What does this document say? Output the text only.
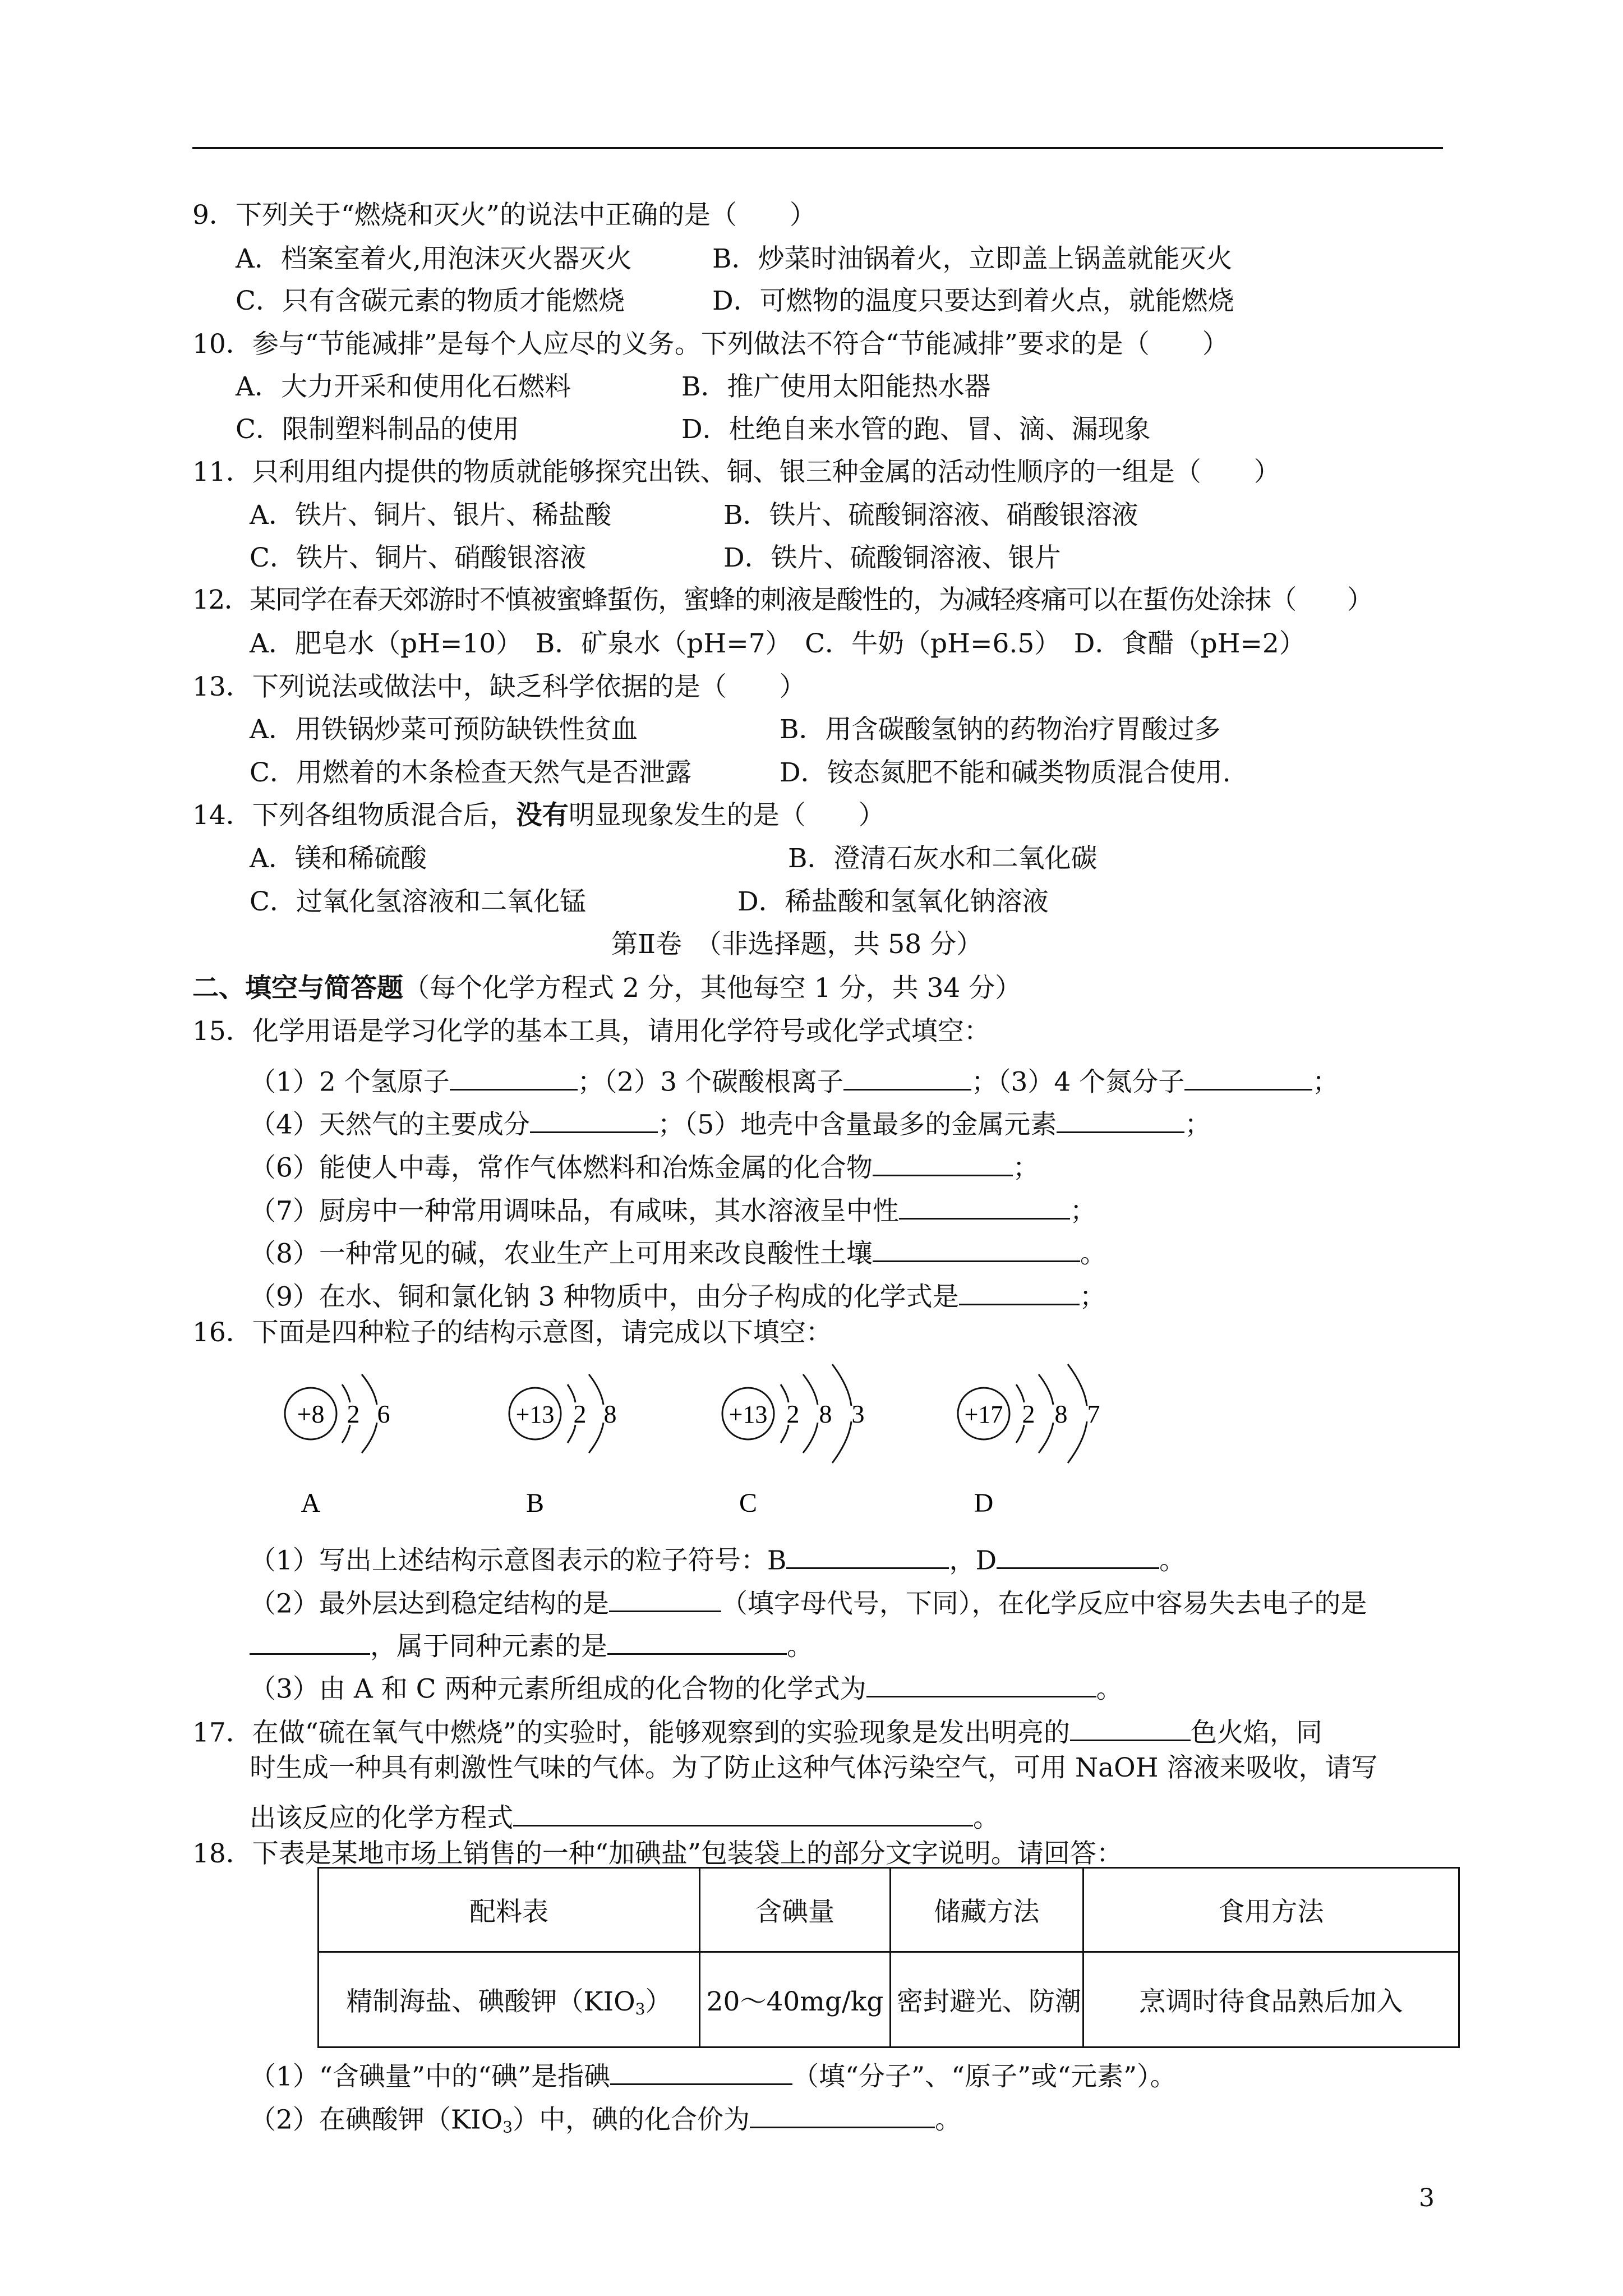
9．下列关于“燃烧和灭火”的说法中正确的是（　　）
A．档案室着火,用泡沫灭火器灭火	B．炒菜时油锅着火，立即盖上锅盖就能灭火
C．只有含碳元素的物质才能燃烧	D．可燃物的温度只要达到着火点，就能燃烧
10．参与“节能减排”是每个人应尽的义务。下列做法不符合“节能减排”要求的是（　　）
A．大力开采和使用化石燃料	B．推广使用太阳能热水器
C．限制塑料制品的使用	D．杜绝自来水管的跑、冒、滴、漏现象
11．只利用组内提供的物质就能够探究出铁、铜、银三种金属的活动性顺序的一组是（　　）
A．铁片、铜片、银片、稀盐酸	B．铁片、硫酸铜溶液、硝酸银溶液
C．铁片、铜片、硝酸银溶液	D．铁片、硫酸铜溶液、银片
12．某同学在春天郊游时不慎被蜜蜂蜇伤，蜜蜂的刺液是酸性的，为减轻疼痛可以在蜇伤处涂抹（　　）
A．肥皂水（pH=10）　B．矿泉水（pH=7）　C．牛奶（pH=6.5）　D．食醋（pH=2）
13．下列说法或做法中，缺乏科学依据的是（　　）
A．用铁锅炒菜可预防缺铁性贫血	B．用含碳酸氢钠的药物治疗胃酸过多
C．用燃着的木条检查天然气是否泄露	D．铵态氮肥不能和碱类物质混合使用.
14．下列各组物质混合后，没有明显现象发生的是（　　）
A．镁和稀硫酸	B．澄清石灰水和二氧化碳
C．过氧化氢溶液和二氧化锰	D．稀盐酸和氢氧化钠溶液
第Ⅱ卷　（非选择题，共 58 分）
二、填空与简答题（每个化学方程式 2 分，其他每空 1 分，共 34 分）
15．化学用语是学习化学的基本工具，请用化学符号或化学式填空：
（1）2 个氢原子	；（2）3 个碳酸根离子	；（3）4 个氮分子	；
（4）天然气的主要成分	；（5）地壳中含量最多的金属元素	；
（6）能使人中毒，常作气体燃料和冶炼金属的化合物	；
（7）厨房中一种常用调味品，有咸味，其水溶液呈中性	；
（8）一种常见的碱，农业生产上可用来改良酸性土壤	。
（9）在水、铜和氯化钠 3 种物质中，由分子构成的化学式是	；
16．下面是四种粒子的结构示意图，请完成以下填空：
+8 2 6
A
+13 2 8
B
+13 2 8 3
C
+17 2 8 7
D
（1）写出上述结构示意图表示的粒子符号：B	，D	。
（2）最外层达到稳定结构的是	（填字母代号，下同），在化学反应中容易失去电子的是
，属于同种元素的是	。
（3）由 A 和 C 两种元素所组成的化合物的化学式为	。
17．在做“硫在氧气中燃烧”的实验时，能够观察到的实验现象是发出明亮的	色火焰，同
时生成一种具有刺激性气味的气体。为了防止这种气体污染空气，可用 NaOH 溶液来吸收，请写
出该反应的化学方程式	。
18．下表是某地市场上销售的一种“加碘盐”包装袋上的部分文字说明。请回答：
配料表	含碘量	储藏方法	食用方法
精制海盐、碘酸钾$(KIO_3)$	20～40mg/kg	密封避光、防潮	烹调时待食品熟后加入
（1）“含碘量”中的“碘”是指碘	（填“分子”、“原子”或“元素”）。
（2）在碘酸钾$(KIO_3)$中，碘的化合价为	。
3
